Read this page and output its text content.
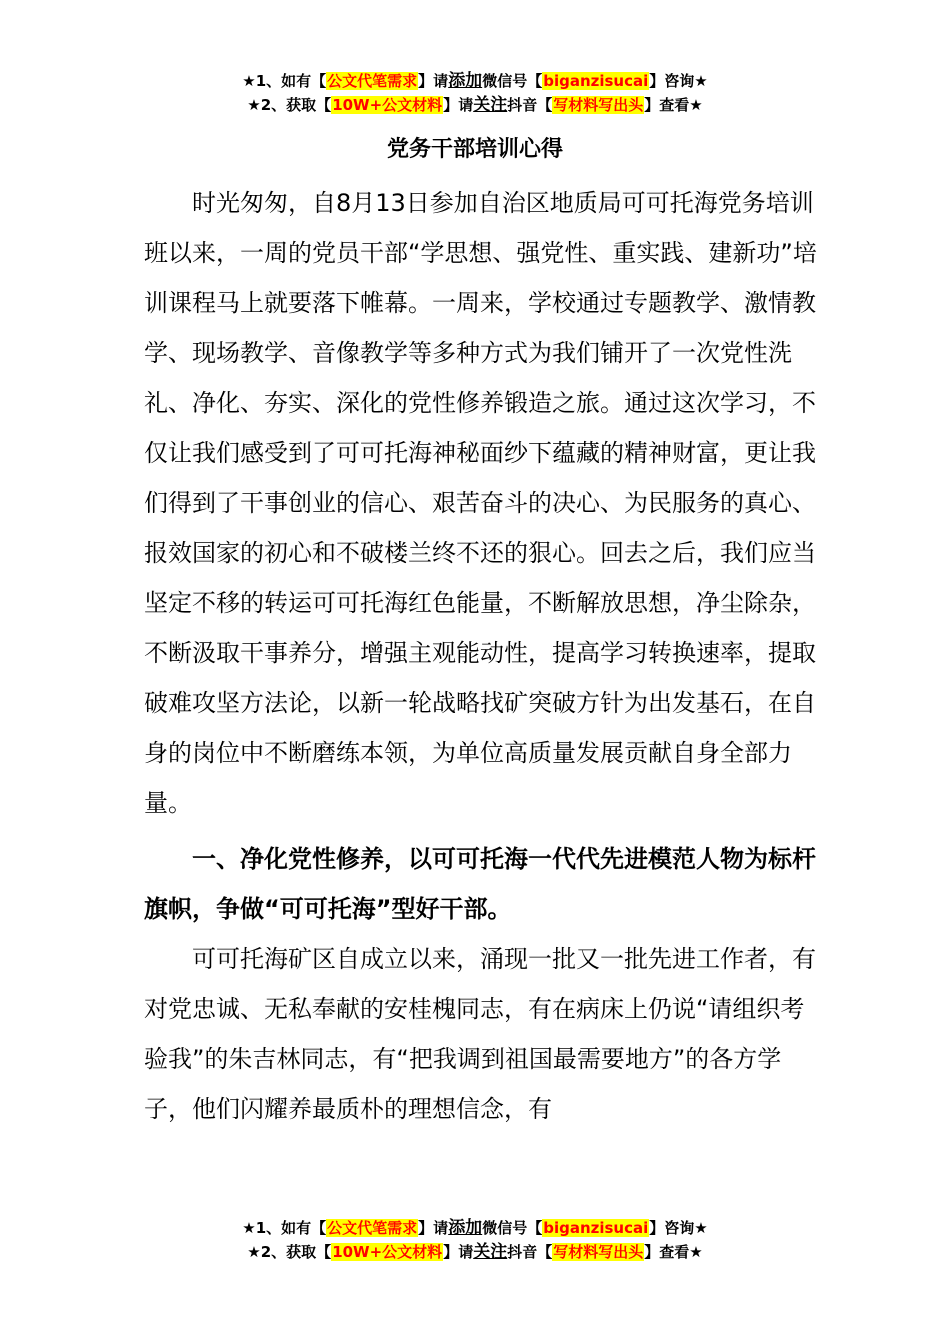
★1、如有【公文代笔需求】请添加微信号【biganzisucai】咨询★
★2、获取【10W+公文材料】请关注抖音【写材料写出头】查看★
党务干部培训心得

时光匆匆，自8月13日参加自治区地质局可可托海党务培训班以来，一周的党员干部“学思想、强党性、重实践、建新功”培训课程马上就要落下帷幕。一周来，学校通过专题教学、激情教学、现场教学、音像教学等多种方式为我们铺开了一次党性洗礼、净化、夯实、深化的党性修养锻造之旅。通过这次学习，不仅让我们感受到了可可托海神秘面纱下蕴藏的精神财富，更让我们得到了干事创业的信心、艰苦奋斗的决心、为民服务的真心、报效国家的初心和不破楼兰终不还的狠心。回去之后，我们应当坚定不移的转运可可托海红色能量，不断解放思想，净尘除杂，不断汲取干事养分，增强主观能动性，提高学习转换速率，提取破难攻坚方法论，以新一轮战略找矿突破方针为出发基石，在自身的岗位中不断磨练本领，为单位高质量发展贡献自身全部力量。

一、净化党性修养，以可可托海一代代先进模范人物为标杆旗帜，争做“可可托海”型好干部。

可可托海矿区自成立以来，涌现一批又一批先进工作者，有对党忠诚、无私奉献的安桂槐同志，有在病床上仍说“请组织考验我”的朱吉林同志，有“把我调到祖国最需要地方”的各方学子，他们闪耀养最质朴的理想信念，有

★1、如有【公文代笔需求】请添加微信号【biganzisucai】咨询★
★2、获取【10W+公文材料】请关注抖音【写材料写出头】查看★
